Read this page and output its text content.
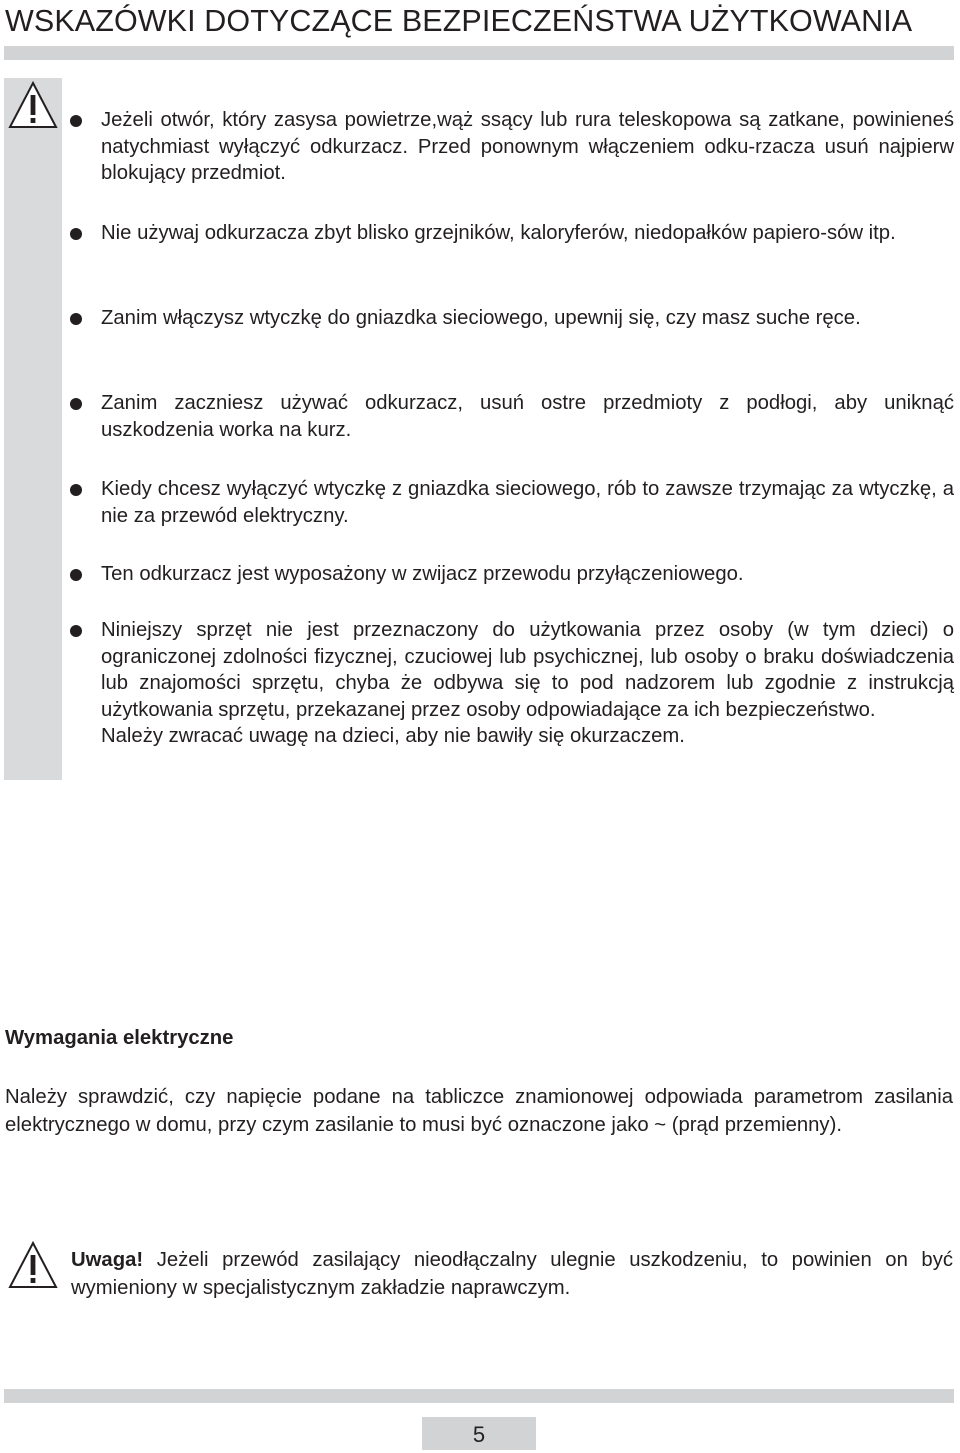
WSKAZÓWKI DOTYCZĄCE BEZPIECZEŃSTWA UŻYTKOWANIA
Jeżeli otwór, który zasysa powietrze,wąż ssący lub rura teleskopowa są zatkane, powinieneś natychmiast wyłączyć odkurzacz. Przed ponownym włączeniem odku-rzacza usuń najpierw blokujący przedmiot.
Nie używaj odkurzacza zbyt blisko grzejników, kaloryferów, niedopałków papiero-sów itp.
Zanim włączysz wtyczkę do gniazdka sieciowego, upewnij się, czy masz suche ręce.
Zanim zaczniesz używać odkurzacz, usuń ostre przedmioty z podłogi, aby uniknąć uszkodzenia worka na kurz.
Kiedy chcesz wyłączyć wtyczkę z gniazdka sieciowego, rób to zawsze trzymając za wtyczkę, a nie za przewód elektryczny.
Ten odkurzacz jest wyposażony w zwijacz przewodu przyłączeniowego.
Niniejszy sprzęt nie jest przeznaczony do użytkowania przez osoby (w tym dzieci) o ograniczonej zdolności fizycznej, czuciowej lub psychicznej, lub osoby o braku doświadczenia lub znajomości sprzętu, chyba że odbywa się to pod nadzorem lub zgodnie z instrukcją użytkowania sprzętu, przekazanej przez osoby odpowiadające za ich bezpieczeństwo.
Należy zwracać uwagę na dzieci, aby nie bawiły się okurzaczem.
Wymagania elektryczne

Należy sprawdzić, czy napięcie podane na tabliczce znamionowej odpowiada parametrom zasilania elektrycznego w domu, przy czym zasilanie to musi być oznaczone jako ~ (prąd przemienny).

Uwaga! Jeżeli przewód zasilający nieodłączalny ulegnie uszkodzeniu, to powinien on być wymieniony w specjalistycznym zakładzie naprawczym.

5
